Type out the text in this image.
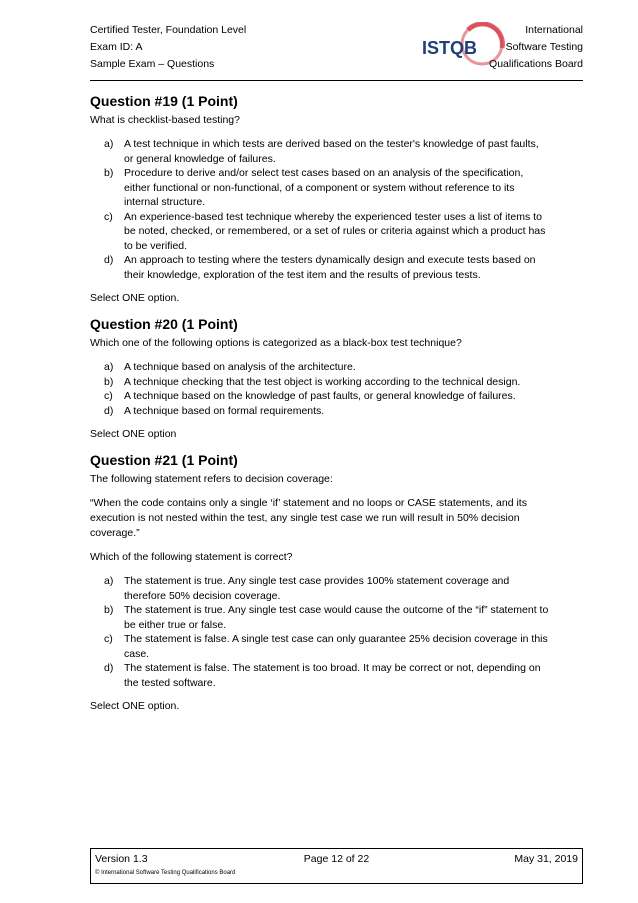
Certified Tester, Foundation Level
Exam ID: A
Sample Exam – Questions
ISTQB
International
Software Testing
Qualifications Board
Question #19 (1 Point)
What is checklist-based testing?
a) A test technique in which tests are derived based on the tester's knowledge of past faults,
or general knowledge of failures.
b) Procedure to derive and/or select test cases based on an analysis of the specification,
either functional or non-functional, of a component or system without reference to its
internal structure.
c) An experience-based test technique whereby the experienced tester uses a list of items to
be noted, checked, or remembered, or a set of rules or criteria against which a product has
to be verified.
d) An approach to testing where the testers dynamically design and execute tests based on
their knowledge, exploration of the test item and the results of previous tests.
Select ONE option.
Question #20 (1 Point)
Which one of the following options is categorized as a black-box test technique?
a) A technique based on analysis of the architecture.
b) A technique checking that the test object is working according to the technical design.
c) A technique based on the knowledge of past faults, or general knowledge of failures.
d) A technique based on formal requirements.
Select ONE option
Question #21 (1 Point)
The following statement refers to decision coverage:
“When the code contains only a single ‘if’ statement and no loops or CASE statements, and its
execution is not nested within the test, any single test case we run will result in 50% decision
coverage.”
Which of the following statement is correct?
a) The statement is true. Any single test case provides 100% statement coverage and
therefore 50% decision coverage.
b) The statement is true. Any single test case would cause the outcome of the “if” statement to
be either true or false.
c) The statement is false. A single test case can only guarantee 25% decision coverage in this
case.
d) The statement is false. The statement is too broad. It may be correct or not, depending on
the tested software.
Select ONE option.
Version 1.3	Page 12 of 22	May 31, 2019
© International Software Testing Qualifications Board
